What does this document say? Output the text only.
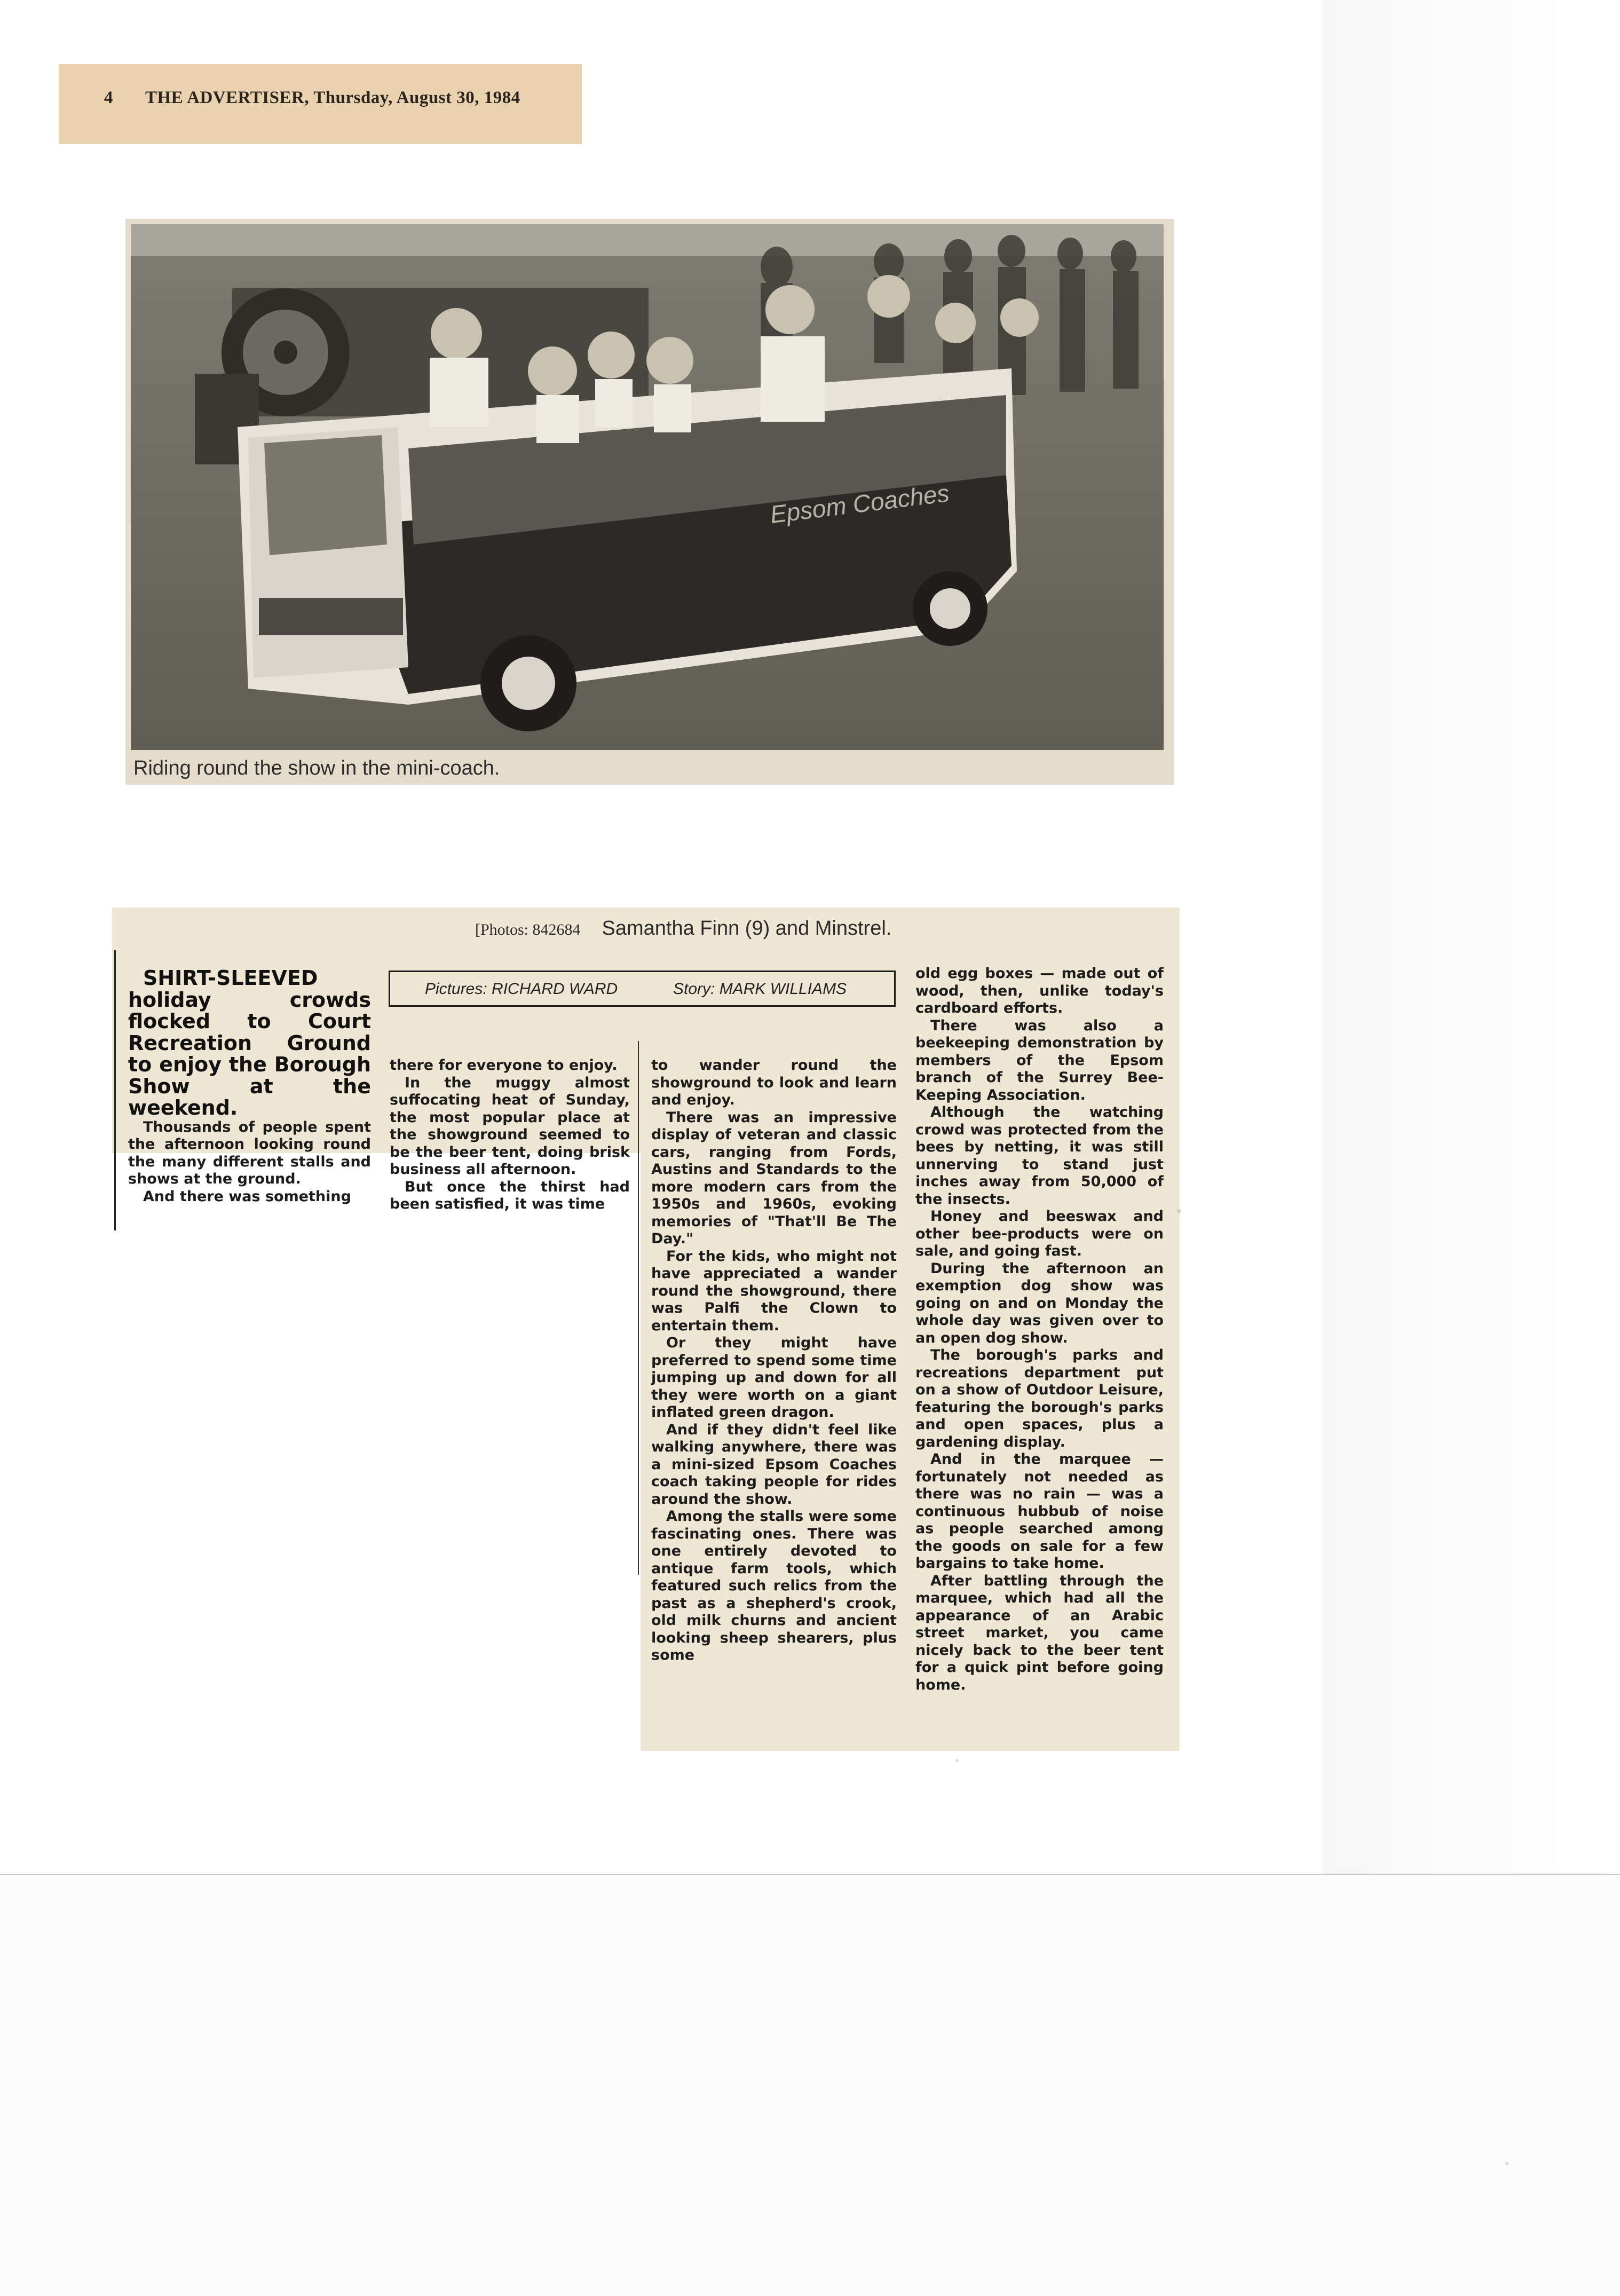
4 THE ADVERTISER, Thursday, August 30, 1984
Epsom Coaches
Riding round the show in the mini-coach.
[Photos: 842684 Samantha Finn (9) and Minstrel.
Pictures: RICHARD WARD	Story: MARK WILLIAMS

SHIRT-SLEEVED holiday crowds flocked to Court Recreation Ground to enjoy the Borough Show at the weekend.

Thousands of people spent the afternoon looking round the many different stalls and shows at the ground.

And there was something

there for everyone to enjoy.

In the muggy almost suffocating heat of Sunday, the most popular place at the showground seemed to be the beer tent, doing brisk business all afternoon.

But once the thirst had been satisfied, it was time

to wander round the showground to look and learn and enjoy.

There was an impressive display of veteran and classic cars, ranging from Fords, Austins and Standards to the more modern cars from the 1950s and 1960s, evoking memories of "That'll Be The Day."

For the kids, who might not have appreciated a wander round the showground, there was Palfi the Clown to entertain them.

Or they might have preferred to spend some time jumping up and down for all they were worth on a giant inflated green dragon.

And if they didn't feel like walking anywhere, there was a mini-sized Epsom Coaches coach taking people for rides around the show.

Among the stalls were some fascinating ones. There was one entirely devoted to antique farm tools, which featured such relics from the past as a shepherd's crook, old milk churns and ancient looking sheep shearers, plus some

old egg boxes — made out of wood, then, unlike today's cardboard efforts.

There was also a beekeeping demonstration by members of the Epsom branch of the Surrey Bee-Keeping Association.

Although the watching crowd was protected from the bees by netting, it was still unnerving to stand just inches away from 50,000 of the insects.

Honey and beeswax and other bee-products were on sale, and going fast.

During the afternoon an exemption dog show was going on and on Monday the whole day was given over to an open dog show.

The borough's parks and recreations department put on a show of Outdoor Leisure, featuring the borough's parks and open spaces, plus a gardening display.

And in the marquee — fortunately not needed as there was no rain — was a continuous hubbub of noise as people searched among the goods on sale for a few bargains to take home.

After battling through the marquee, which had all the appearance of an Arabic street market, you came nicely back to the beer tent for a quick pint before going home.
